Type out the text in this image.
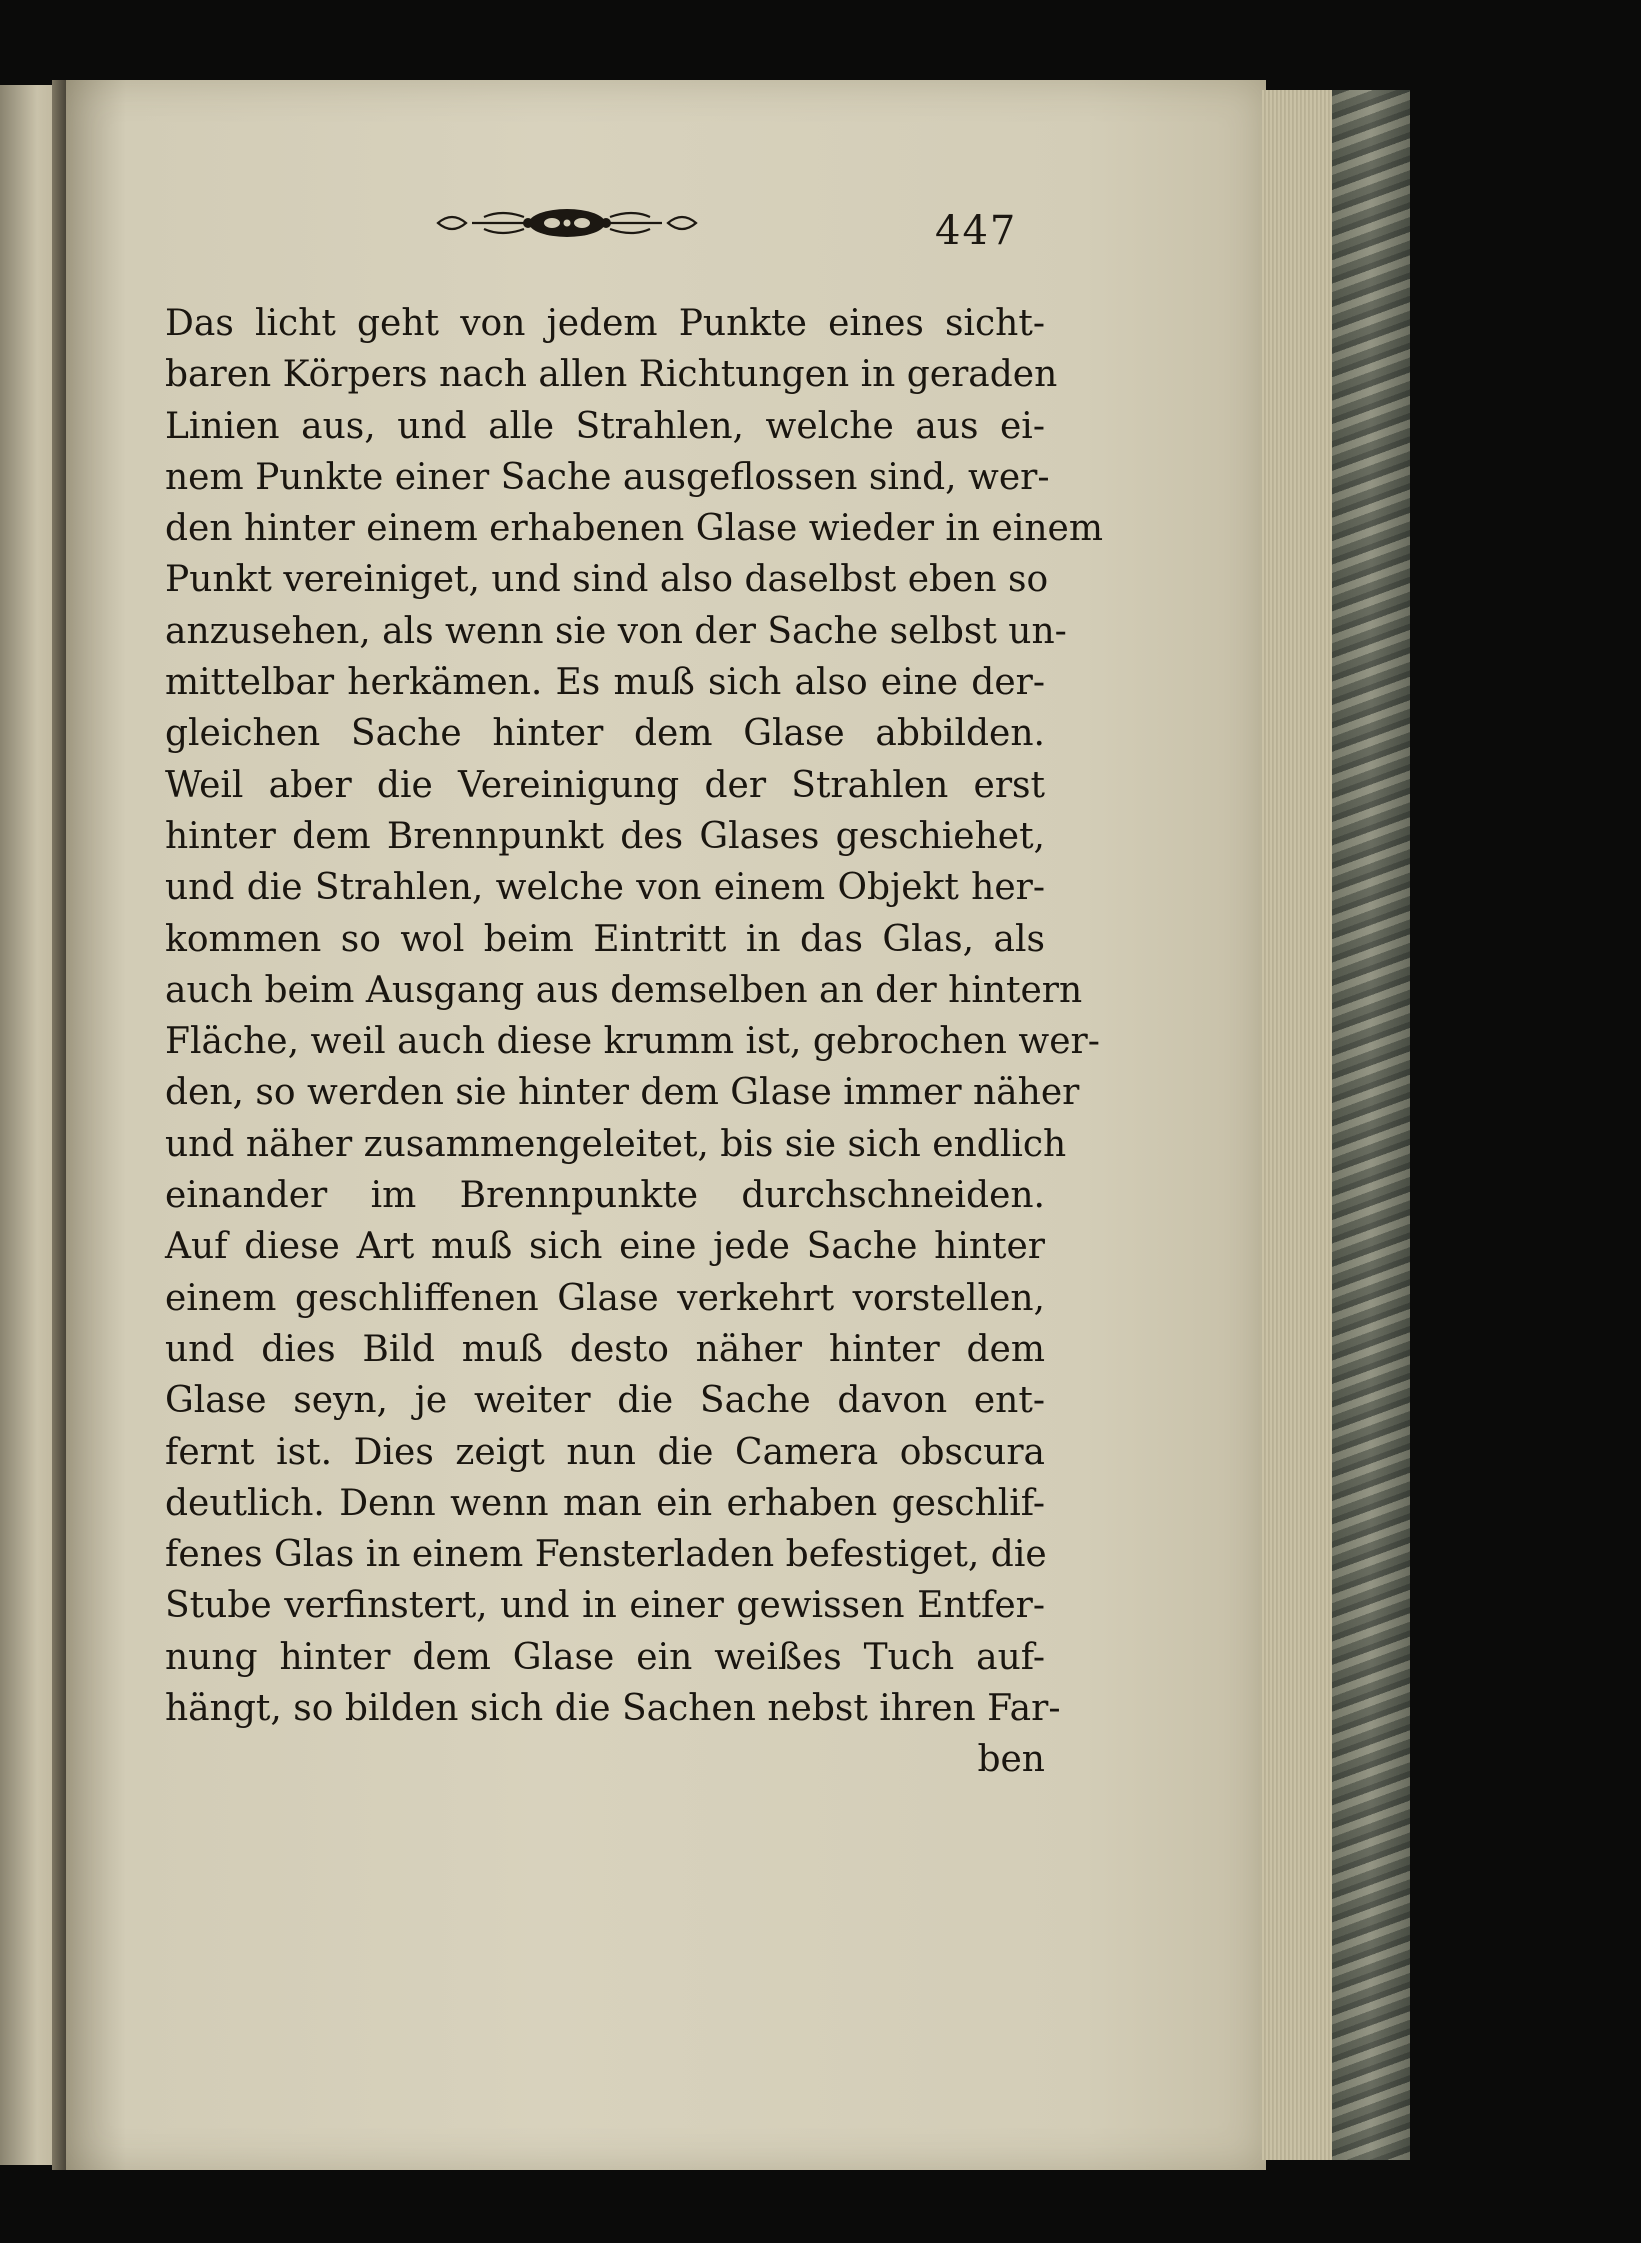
447
Das licht geht von jedem Punkte eines sicht-
baren Körpers nach allen Richtungen in geraden
Linien aus, und alle Strahlen, welche aus ei-
nem Punkte einer Sache ausgeflossen sind, wer-
den hinter einem erhabenen Glase wieder in einem
Punkt vereiniget, und sind also daselbst eben so
anzusehen, als wenn sie von der Sache selbst un-
mittelbar herkämen. Es muß sich also eine der-
gleichen Sache hinter dem Glase abbilden.
Weil aber die Vereinigung der Strahlen erst
hinter dem Brennpunkt des Glases geschiehet,
und die Strahlen, welche von einem Objekt her-
kommen so wol beim Eintritt in das Glas, als
auch beim Ausgang aus demselben an der hintern
Fläche, weil auch diese krumm ist, gebrochen wer-
den, so werden sie hinter dem Glase immer näher
und näher zusammengeleitet, bis sie sich endlich
einander im Brennpunkte durchschneiden.
Auf diese Art muß sich eine jede Sache hinter
einem geschliffenen Glase verkehrt vorstellen,
und dies Bild muß desto näher hinter dem
Glase seyn, je weiter die Sache davon ent-
fernt ist. Dies zeigt nun die Camera obscura
deutlich. Denn wenn man ein erhaben geschlif-
fenes Glas in einem Fensterladen befestiget, die
Stube verfinstert, und in einer gewissen Entfer-
nung hinter dem Glase ein weißes Tuch auf-
hängt, so bilden sich die Sachen nebst ihren Far-
ben
